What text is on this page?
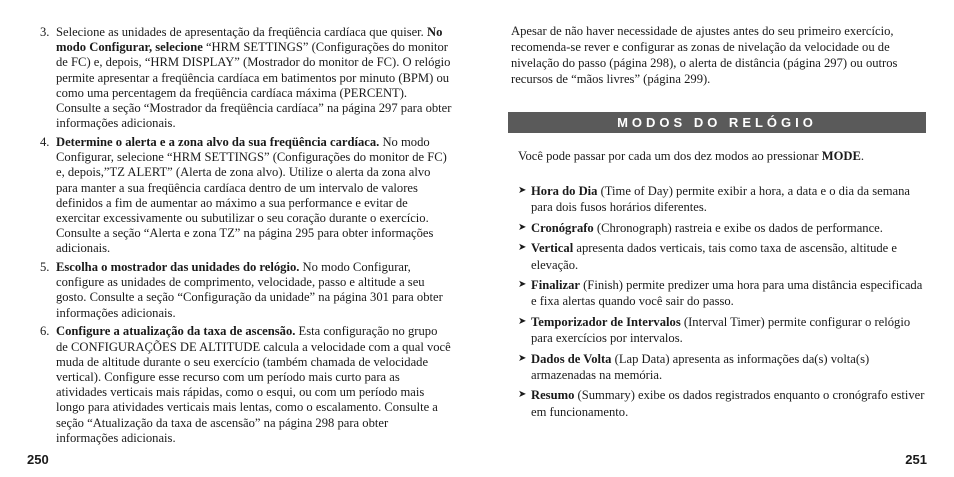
3. Selecione as unidades de apresentação da freqüência cardíaca que quiser. No modo Configurar, selecione “HRM SETTINGS” (Configurações do monitor de FC) e, depois, “HRM DISPLAY” (Mostrador do monitor de FC). O relógio permite apresentar a freqüência cardíaca em batimentos por minuto (BPM) ou como uma percentagem da freqüência cardíaca máxima (PERCENT). Consulte a seção “Mostrador da freqüência cardíaca” na página 297 para obter informações adicionais.
4. Determine o alerta e a zona alvo da sua freqüência cardíaca. No modo Configurar, selecione “HRM SETTINGS” (Configurações do monitor de FC) e, depois,”TZ ALERT” (Alerta de zona alvo). Utilize o alerta da zona alvo para manter a sua freqüência cardíaca dentro de um intervalo de valores definidos a fim de aumentar ao máximo a sua performance e evitar de exercitar excessivamente ou subutilizar o seu coração durante o exercício. Consulte a seção “Alerta e zona TZ” na página 295 para obter informações adicionais.
5. Escolha o mostrador das unidades do relógio. No modo Configurar, configure as unidades de comprimento, velocidade, passo e altitude a seu gosto. Consulte a seção “Configuração da unidade” na página 301 para obter informações adicionais.
6. Configure a atualização da taxa de ascensão. Esta configuração no grupo de CONFIGURAÇÕES DE ALTITUDE calcula a velocidade com a qual você muda de altitude durante o seu exercício (também chamada de velocidade vertical). Configure esse recurso com um período mais curto para as atividades verticais mais rápidas, como o esqui, ou com um período mais longo para atividades verticais mais lentas, como o escalamento. Consulte a seção “Atualização da taxa de ascensão” na página 298 para obter informações adicionais.
250

Apesar de não haver necessidade de ajustes antes do seu primeiro exercício, recomenda-se rever e configurar as zonas de nivelação da velocidade ou de nivelação do passo (página 298), o alerta de distância (página 297) ou outros recursos de “mãos livres” (página 299).

MODOS DO RELÓGIO

Você pode passar por cada um dos dez modos ao pressionar MODE.

➤ Hora do Dia (Time of Day) permite exibir a hora, a data e o dia da semana para dois fusos horários diferentes.
➤ Cronógrafo (Chronograph) rastreia e exibe os dados de performance.
➤ Vertical apresenta dados verticais, tais como taxa de ascensão, altitude e elevação.
➤ Finalizar (Finish) permite predizer uma hora para uma distância especificada e fixa alertas quando você sair do passo.
➤ Temporizador de Intervalos (Interval Timer) permite configurar o relógio para exercícios por intervalos.
➤ Dados de Volta (Lap Data) apresenta as informações da(s) volta(s) armazenadas na memória.
➤ Resumo (Summary) exibe os dados registrados enquanto o cronógrafo estiver em funcionamento.
251
